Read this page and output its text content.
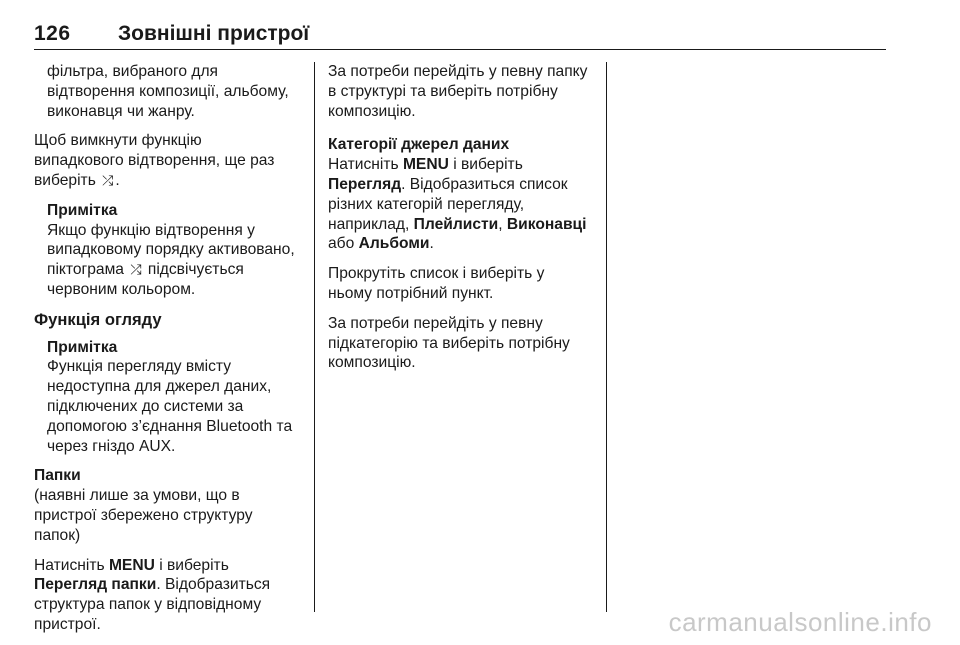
126 Зовнішні пристрої

фільтра, вибраного для
відтворення композиції, альбому,
виконавця чи жанру.

Щоб вимкнути функцію
випадкового відтворення, ще раз
виберіть ⤮ .

Примітка
Якщо функцію відтворення у
випадковому порядку активовано,
піктограма ⤮ підсвічується
червоним кольором.

Функція огляду

Примітка
Функція перегляду вмісту
недоступна для джерел даних,
підключених до системи за
допомогою з’єднання Bluetooth та
через гніздо AUX.

Папки
(наявні лише за умови, що в
пристрої збережено структуру
папок)

Натисніть MENU і виберіть
Перегляд папки. Відобразиться
структура папок у відповідному
пристрої.

За потреби перейдіть у певну папку
в структурі та виберіть потрібну
композицію.

Категорії джерел даних
Натисніть MENU і виберіть
Перегляд. Відобразиться список
різних категорій перегляду,
наприклад, Плейлисти, Виконавці
або Альбоми.

Прокрутіть список і виберіть у
ньому потрібний пункт.

За потреби перейдіть у певну
підкатегорію та виберіть потрібну
композицію.

carmanualsonline.info
